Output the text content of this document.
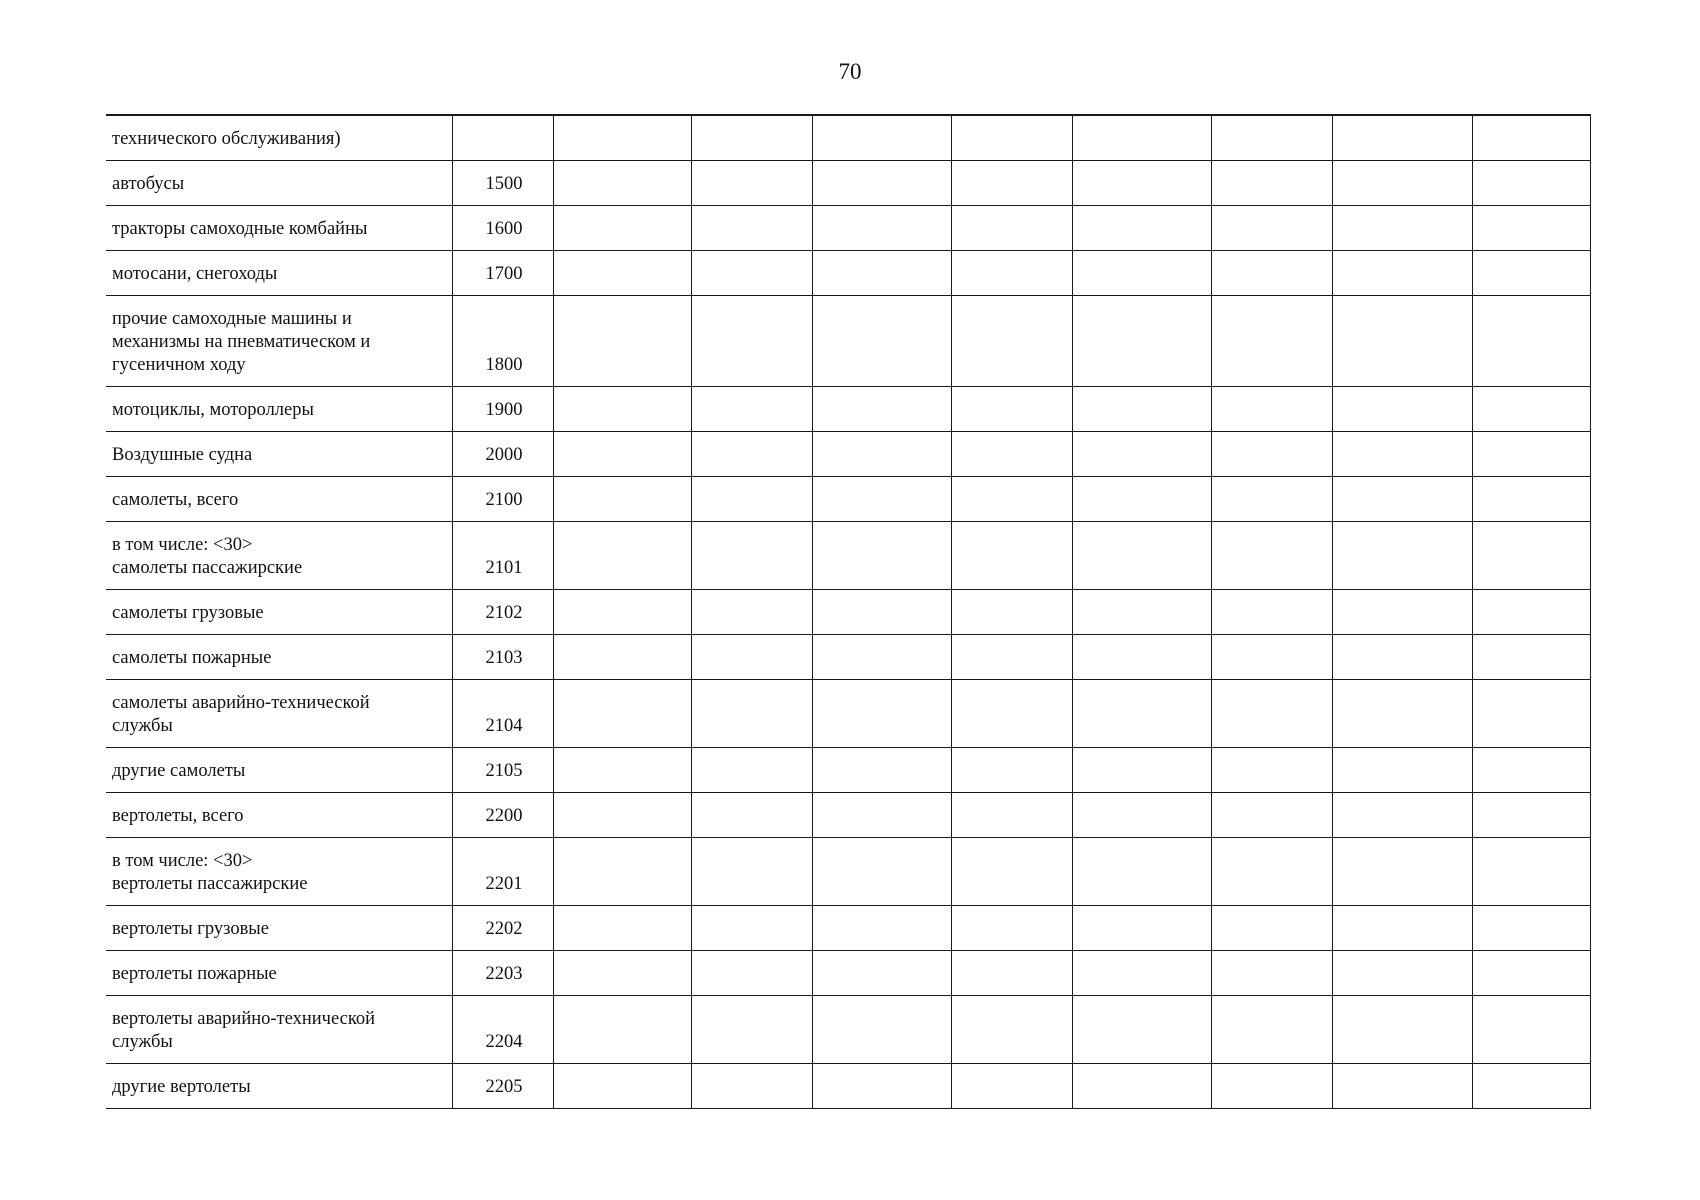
70
технического обслуживания)									
автобусы	1500								
тракторы самоходные комбайны	1600								
мотосани, снегоходы	1700								
прочие самоходные машины и
механизмы на пневматическом и
гусеничном ходу	1800								
мотоциклы, мотороллеры	1900								
Воздушные судна	2000								
самолеты, всего	2100								
в том числе: <30>
самолеты пассажирские	2101								
самолеты грузовые	2102								
самолеты пожарные	2103								
самолеты аварийно-технической
службы	2104								
другие самолеты	2105								
вертолеты, всего	2200								
в том числе: <30>
вертолеты пассажирские	2201								
вертолеты грузовые	2202								
вертолеты пожарные	2203								
вертолеты аварийно-технической
службы	2204								
другие вертолеты	2205								
